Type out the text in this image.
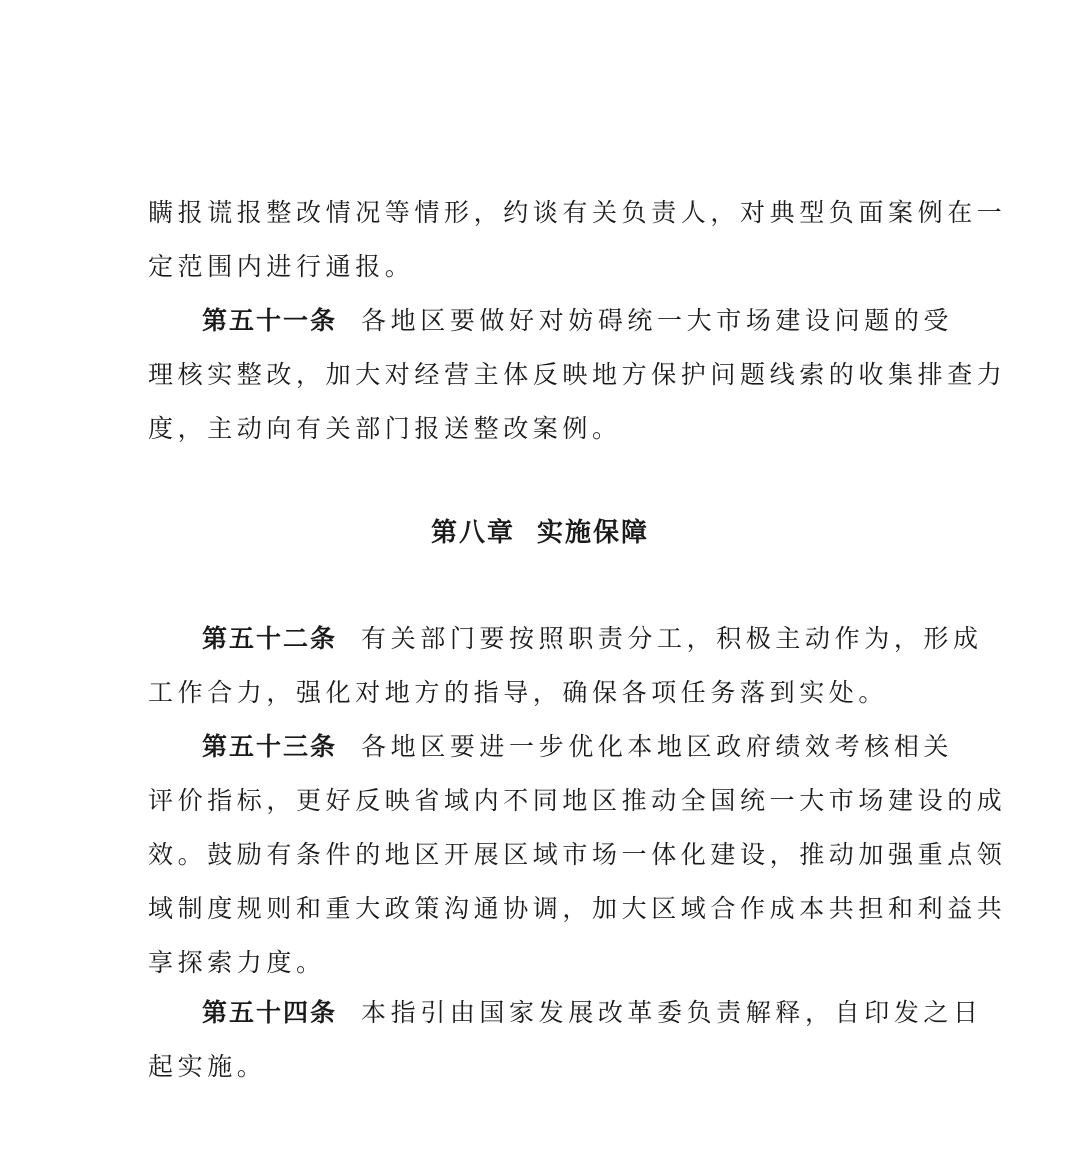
瞒报谎报整改情况等情形，约谈有关负责人，对典型负面案例在一
定范围内进行通报。
第五十一条 各地区要做好对妨碍统一大市场建设问题的受
理核实整改，加大对经营主体反映地方保护问题线索的收集排查力
度，主动向有关部门报送整改案例。
第八章 实施保障
第五十二条 有关部门要按照职责分工，积极主动作为，形成
工作合力，强化对地方的指导，确保各项任务落到实处。
第五十三条 各地区要进一步优化本地区政府绩效考核相关
评价指标，更好反映省域内不同地区推动全国统一大市场建设的成
效。鼓励有条件的地区开展区域市场一体化建设，推动加强重点领
域制度规则和重大政策沟通协调，加大区域合作成本共担和利益共
享探索力度。
第五十四条 本指引由国家发展改革委负责解释，自印发之日
起实施。
